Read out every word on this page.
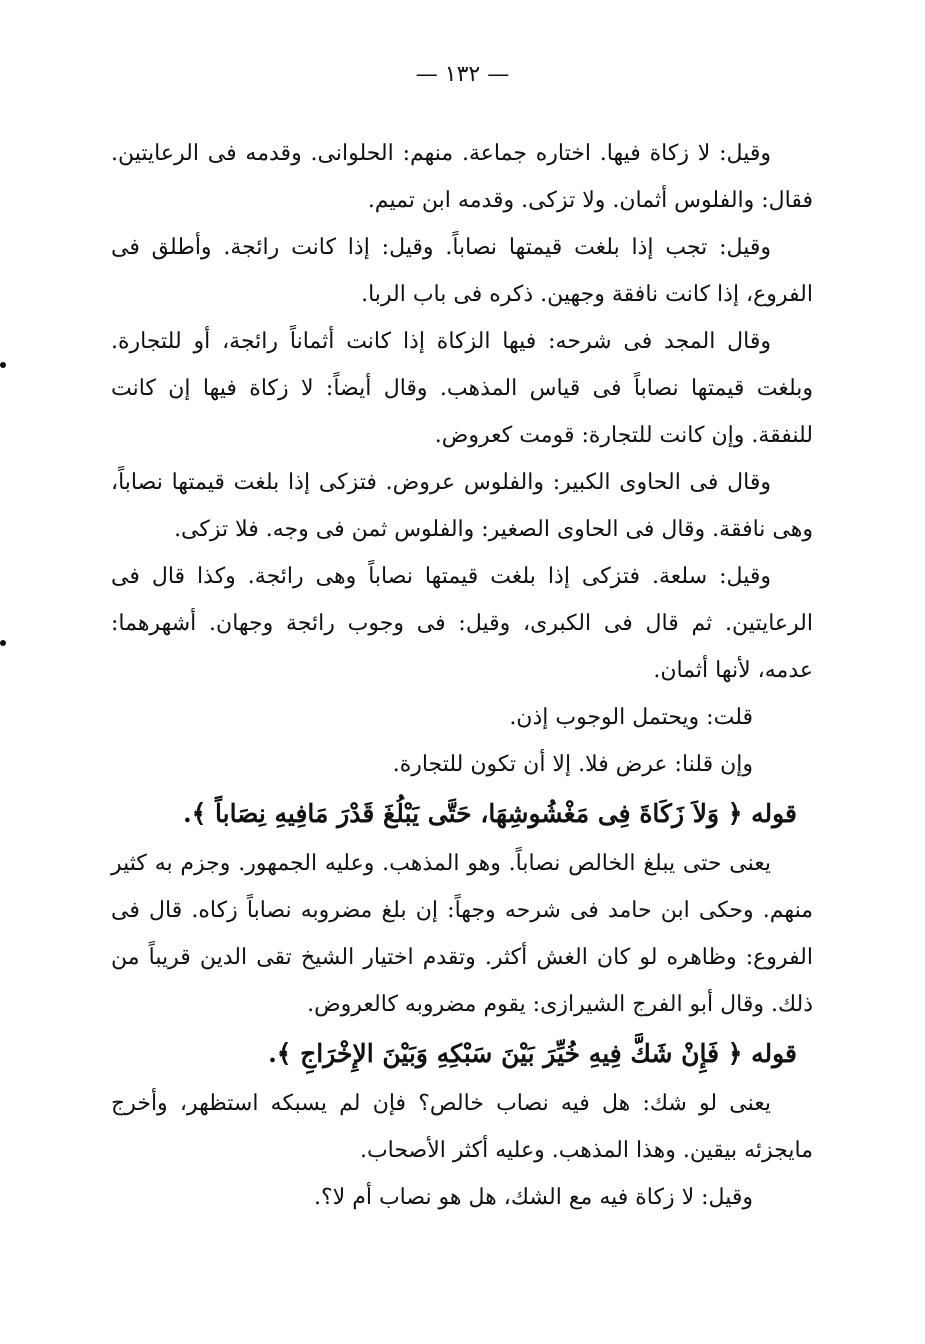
— ١٣٢ —

وقيل: لا زكاة فيها. اختاره جماعة. منهم: الحلوانى. وقدمه فى الرعايتين. فقال: والفلوس أثمان. ولا تزكى. وقدمه ابن تميم.

وقيل: تجب إذا بلغت قيمتها نصاباً. وقيل: إذا كانت رائجة. وأطلق فى الفروع، إذا كانت نافقة وجهين. ذكره فى باب الربا.

وقال المجد فى شرحه: فيها الزكاة إذا كانت أثماناً رائجة، أو للتجارة. وبلغت قيمتها نصاباً فى قياس المذهب. وقال أيضاً: لا زكاة فيها إن كانت للنفقة. وإن كانت للتجارة: قومت كعروض.

وقال فى الحاوى الكبير: والفلوس عروض. فتزكى إذا بلغت قيمتها نصاباً، وهى نافقة. وقال فى الحاوى الصغير: والفلوس ثمن فى وجه. فلا تزكى.

وقيل: سلعة. فتزكى إذا بلغت قيمتها نصاباً وهى رائجة. وكذا قال فى الرعايتين. ثم قال فى الكبرى، وقيل: فى وجوب رائجة وجهان. أشهرهما: عدمه، لأنها أثمان.

قلت: ويحتمل الوجوب إذن.

وإن قلنا: عرض فلا. إلا أن تكون للتجارة.

قوله ﴿ وَلاَ زَكَاةَ فِى مَغْشُوشِهَا، حَتَّى يَبْلُغَ قَدْرَ مَافِيهِ نِصَاباً ﴾.

يعنى حتى يبلغ الخالص نصاباً. وهو المذهب. وعليه الجمهور. وجزم به كثير منهم. وحكى ابن حامد فى شرحه وجهاً: إن بلغ مضروبه نصاباً زكاه. قال فى الفروع: وظاهره لو كان الغش أكثر. وتقدم اختيار الشيخ تقى الدين قريباً من ذلك. وقال أبو الفرج الشيرازى: يقوم مضروبه كالعروض.

قوله ﴿ فَإِنْ شَكَّ فِيهِ خُيِّرَ بَيْنَ سَبْكِهِ وَبَيْنَ الإِخْرَاجِ ﴾.

يعنى لو شك: هل فيه نصاب خالص؟ فإن لم يسبكه استظهر، وأخرج مايجزئه بيقين. وهذا المذهب. وعليه أكثر الأصحاب.

وقيل: لا زكاة فيه مع الشك، هل هو نصاب أم لا؟.
